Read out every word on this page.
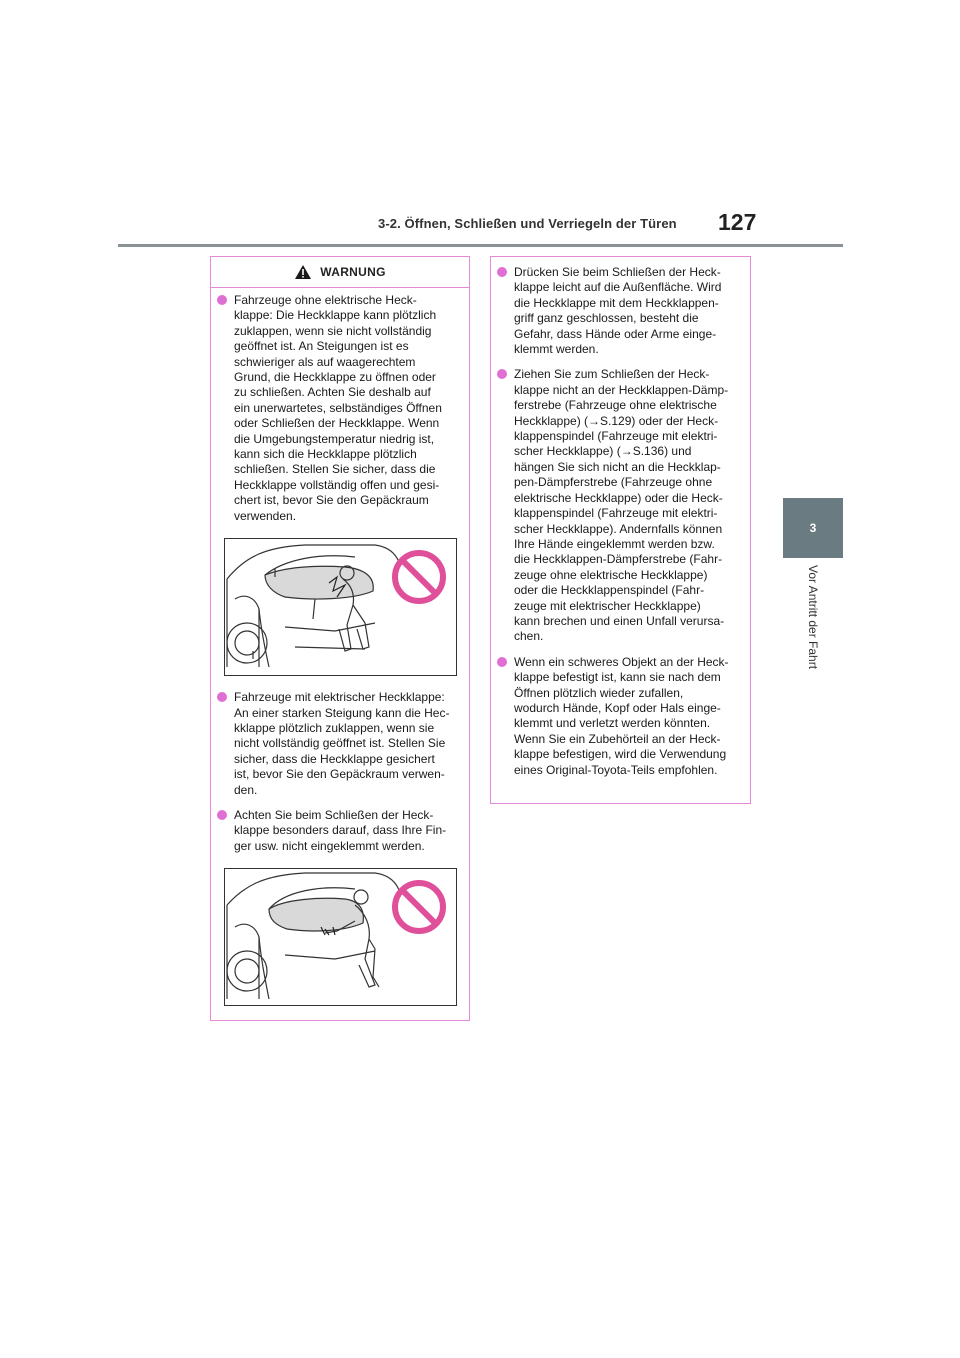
3-2. Öffnen, Schließen und Verriegeln der Türen	127
3
Vor Antritt der Fahrt
WARNUNG

Fahrzeuge ohne elektrische Heck-
klappe: Die Heckklappe kann plötzlich
zuklappen, wenn sie nicht vollständig
geöffnet ist. An Steigungen ist es
schwieriger als auf waagerechtem
Grund, die Heckklappe zu öffnen oder
zu schließen. Achten Sie deshalb auf
ein unerwartetes, selbständiges Öffnen
oder Schließen der Heckklappe. Wenn
die Umgebungstemperatur niedrig ist,
kann sich die Heckklappe plötzlich
schließen. Stellen Sie sicher, dass die
Heckklappe vollständig offen und gesi-
chert ist, bevor Sie den Gepäckraum
verwenden.

Fahrzeuge mit elektrischer Heckklappe:
An einer starken Steigung kann die Hec-
kklappe plötzlich zuklappen, wenn sie
nicht vollständig geöffnet ist. Stellen Sie
sicher, dass die Heckklappe gesichert
ist, bevor Sie den Gepäckraum verwen-
den.

Achten Sie beim Schließen der Heck-
klappe besonders darauf, dass Ihre Fin-
ger usw. nicht eingeklemmt werden.

Drücken Sie beim Schließen der Heck-
klappe leicht auf die Außenfläche. Wird
die Heckklappe mit dem Heckklappen-
griff ganz geschlossen, besteht die
Gefahr, dass Hände oder Arme einge-
klemmt werden.

Ziehen Sie zum Schließen der Heck-
klappe nicht an der Heckklappen-Dämp-
ferstrebe (Fahrzeuge ohne elektrische
Heckklappe) (→S.129) oder der Heck-
klappenspindel (Fahrzeuge mit elektri-
scher Heckklappe) (→S.136) und
hängen Sie sich nicht an die Heckklap-
pen-Dämpferstrebe (Fahrzeuge ohne
elektrische Heckklappe) oder die Heck-
klappenspindel (Fahrzeuge mit elektri-
scher Heckklappe). Andernfalls können
Ihre Hände eingeklemmt werden bzw.
die Heckklappen-Dämpferstrebe (Fahr-
zeuge ohne elektrische Heckklappe)
oder die Heckklappenspindel (Fahr-
zeuge mit elektrischer Heckklappe)
kann brechen und einen Unfall verursa-
chen.

Wenn ein schweres Objekt an der Heck-
klappe befestigt ist, kann sie nach dem
Öffnen plötzlich wieder zufallen,
wodurch Hände, Kopf oder Hals einge-
klemmt und verletzt werden könnten.
Wenn Sie ein Zubehörteil an der Heck-
klappe befestigen, wird die Verwendung
eines Original-Toyota-Teils empfohlen.
